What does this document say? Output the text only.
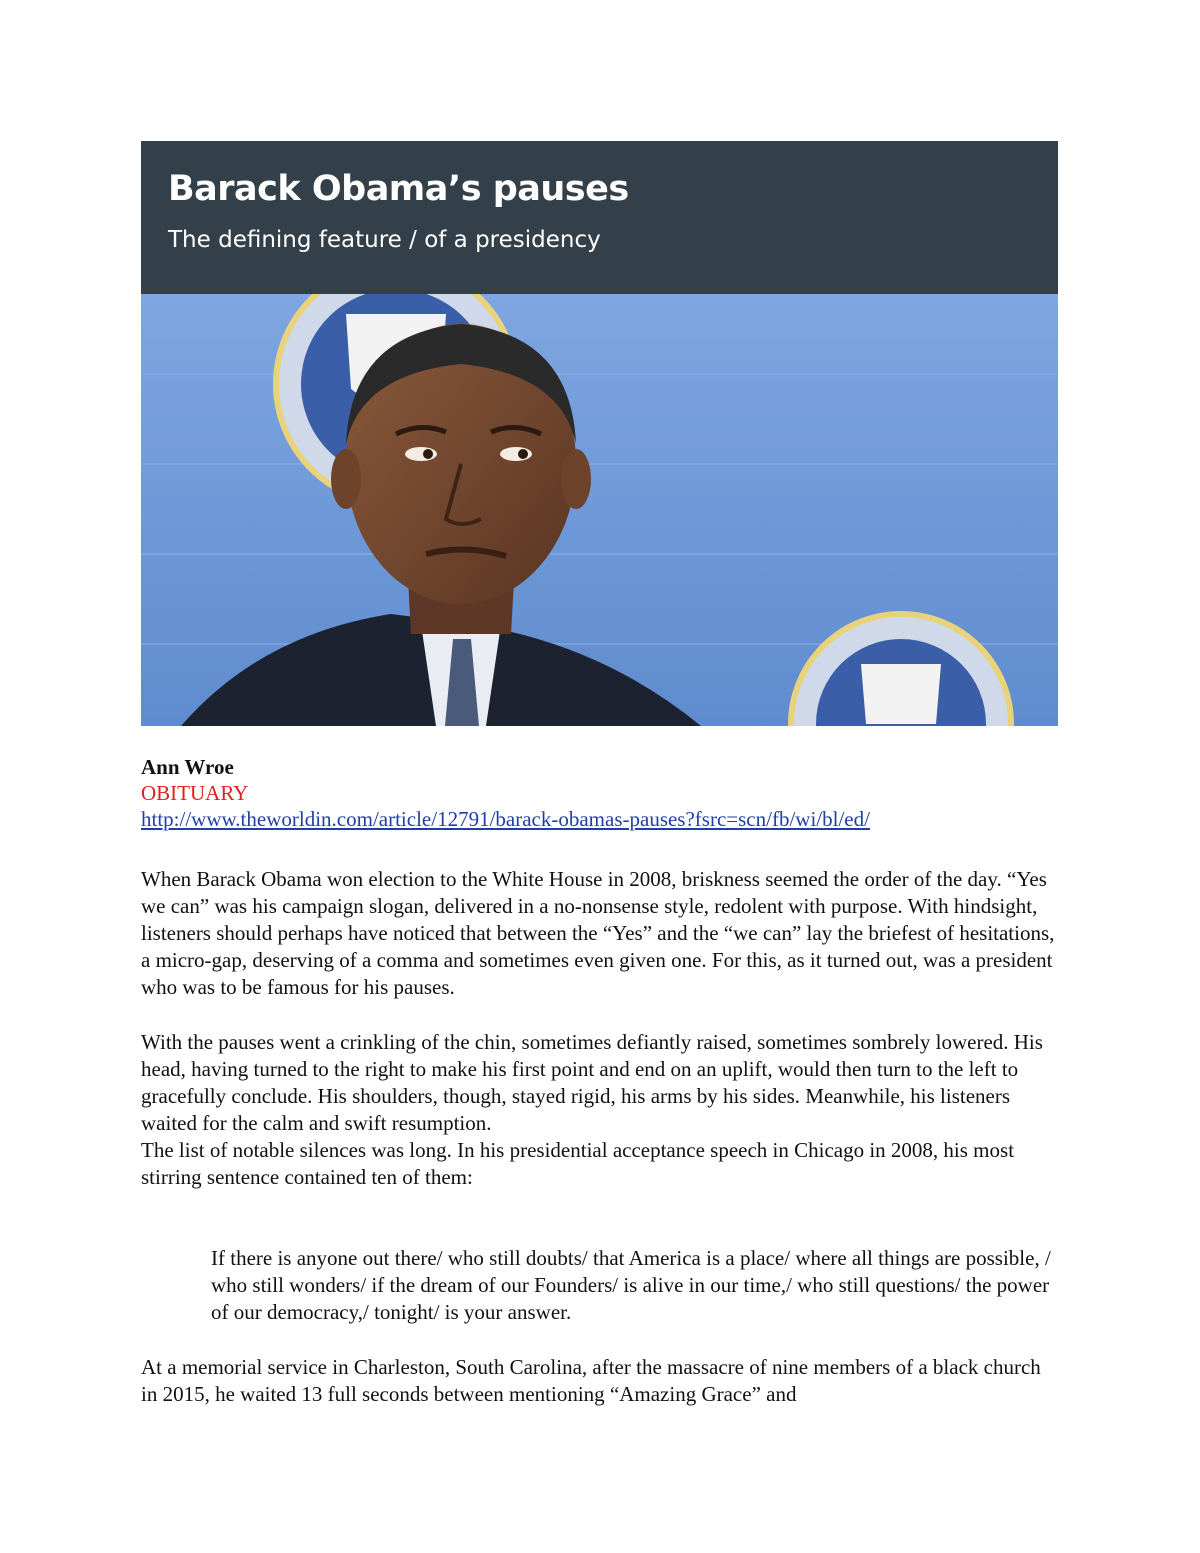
Barack Obama’s pauses
The defining feature / of a presidency
Ann Wroe
OBITUARY
http://www.theworldin.com/article/12791/barack-obamas-pauses?fsrc=scn/fb/wi/bl/ed/

When Barack Obama won election to the White House in 2008, briskness seemed the order of the day. “Yes we can” was his campaign slogan, delivered in a no-nonsense style, redolent with purpose. With hindsight, listeners should perhaps have noticed that between the “Yes” and the “we can” lay the briefest of hesitations, a micro-gap, deserving of a comma and sometimes even given one. For this, as it turned out, was a president who was to be famous for his pauses.

With the pauses went a crinkling of the chin, sometimes defiantly raised, sometimes sombrely lowered. His head, having turned to the right to make his first point and end on an uplift, would then turn to the left to gracefully conclude. His shoulders, though, stayed rigid, his arms by his sides. Meanwhile, his listeners waited for the calm and swift resumption.

The list of notable silences was long. In his presidential acceptance speech in Chicago in 2008, his most stirring sentence contained ten of them:

If there is anyone out there/ who still doubts/ that America is a place/ where all things are possible, / who still wonders/ if the dream of our Founders/ is alive in our time,/ who still questions/ the power of our democracy,/ tonight/ is your answer.

At a memorial service in Charleston, South Carolina, after the massacre of nine members of a black church in 2015, he waited 13 full seconds between mentioning “Amazing Grace” and
